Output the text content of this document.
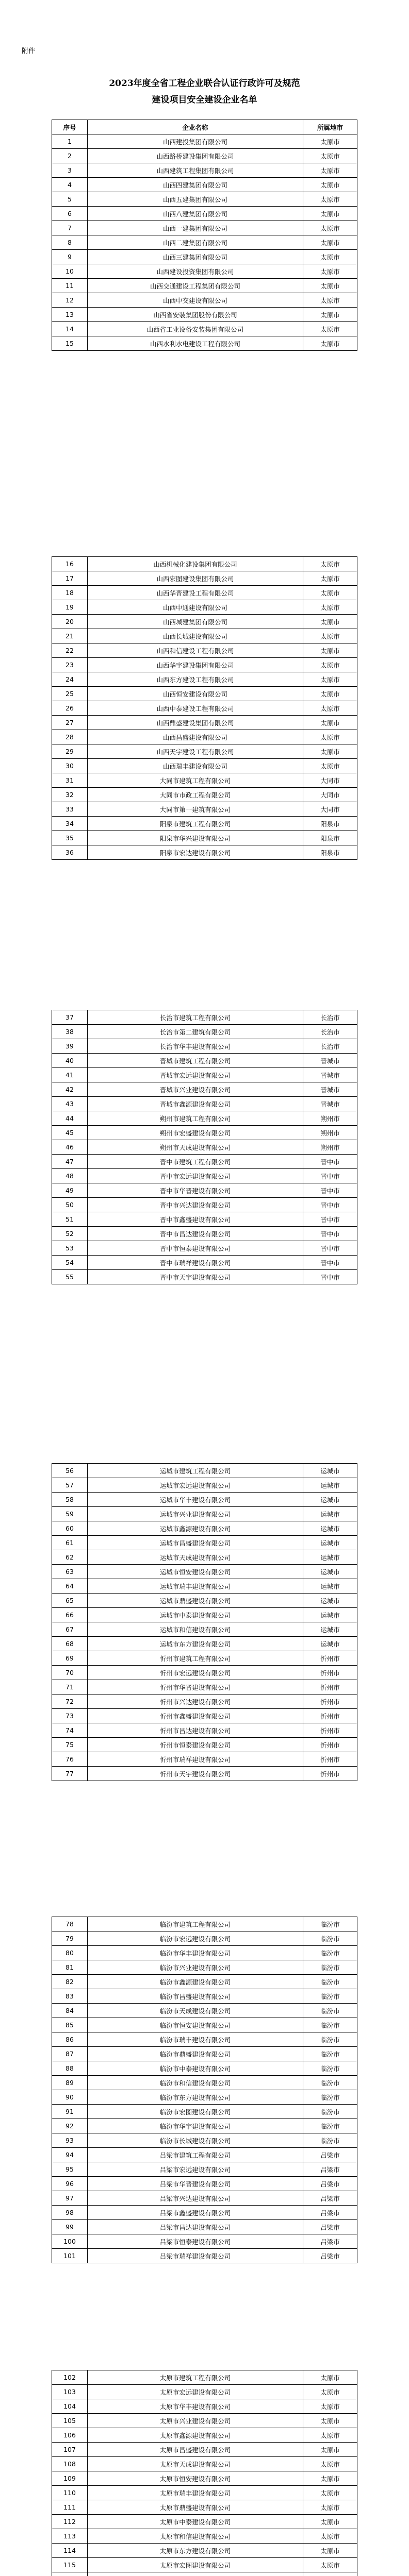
附件
2023年度全省工程企业联合认证行政许可及规范
建设项目安全建设企业名单
序号	企业名称	所属地市
1	山西建投集团有限公司	太原市
2	山西路桥建设集团有限公司	太原市
3	山西建筑工程集团有限公司	太原市
4	山西四建集团有限公司	太原市
5	山西五建集团有限公司	太原市
6	山西八建集团有限公司	太原市
7	山西一建集团有限公司	太原市
8	山西二建集团有限公司	太原市
9	山西三建集团有限公司	太原市
10	山西建设投资集团有限公司	太原市
11	山西交通建设工程集团有限公司	太原市
12	山西中交建设有限公司	太原市
13	山西省安装集团股份有限公司	太原市
14	山西省工业设备安装集团有限公司	太原市
15	山西水利水电建设工程有限公司	太原市
16	山西机械化建设集团有限公司	太原市
17	山西宏图建设集团有限公司	太原市
18	山西华晋建设工程有限公司	太原市
19	山西中通建设有限公司	太原市
20	山西城建集团有限公司	太原市
21	山西长城建设有限公司	太原市
22	山西和信建设工程有限公司	太原市
23	山西华宇建设集团有限公司	太原市
24	山西东方建设工程有限公司	太原市
25	山西恒安建设有限公司	太原市
26	山西中泰建设工程有限公司	太原市
27	山西鼎盛建设集团有限公司	太原市
28	山西昌盛建设有限公司	太原市
29	山西天宇建设工程有限公司	太原市
30	山西瑞丰建设有限公司	太原市
31	大同市建筑工程有限公司	大同市
32	大同市市政工程有限公司	大同市
33	大同市第一建筑有限公司	大同市
34	阳泉市建筑工程有限公司	阳泉市
35	阳泉市华兴建设有限公司	阳泉市
36	阳泉市宏达建设有限公司	阳泉市
37	长治市建筑工程有限公司	长治市
38	长治市第二建筑有限公司	长治市
39	长治市华丰建设有限公司	长治市
40	晋城市建筑工程有限公司	晋城市
41	晋城市宏远建设有限公司	晋城市
42	晋城市兴业建设有限公司	晋城市
43	晋城市鑫源建设有限公司	晋城市
44	朔州市建筑工程有限公司	朔州市
45	朔州市宏盛建设有限公司	朔州市
46	朔州市天成建设有限公司	朔州市
47	晋中市建筑工程有限公司	晋中市
48	晋中市宏远建设有限公司	晋中市
49	晋中市华晋建设有限公司	晋中市
50	晋中市兴达建设有限公司	晋中市
51	晋中市鑫盛建设有限公司	晋中市
52	晋中市昌达建设有限公司	晋中市
53	晋中市恒泰建设有限公司	晋中市
54	晋中市瑞祥建设有限公司	晋中市
55	晋中市天宇建设有限公司	晋中市
56	运城市建筑工程有限公司	运城市
57	运城市宏远建设有限公司	运城市
58	运城市华丰建设有限公司	运城市
59	运城市兴业建设有限公司	运城市
60	运城市鑫源建设有限公司	运城市
61	运城市昌盛建设有限公司	运城市
62	运城市天成建设有限公司	运城市
63	运城市恒安建设有限公司	运城市
64	运城市瑞丰建设有限公司	运城市
65	运城市鼎盛建设有限公司	运城市
66	运城市中泰建设有限公司	运城市
67	运城市和信建设有限公司	运城市
68	运城市东方建设有限公司	运城市
69	忻州市建筑工程有限公司	忻州市
70	忻州市宏远建设有限公司	忻州市
71	忻州市华晋建设有限公司	忻州市
72	忻州市兴达建设有限公司	忻州市
73	忻州市鑫盛建设有限公司	忻州市
74	忻州市昌达建设有限公司	忻州市
75	忻州市恒泰建设有限公司	忻州市
76	忻州市瑞祥建设有限公司	忻州市
77	忻州市天宇建设有限公司	忻州市
78	临汾市建筑工程有限公司	临汾市
79	临汾市宏远建设有限公司	临汾市
80	临汾市华丰建设有限公司	临汾市
81	临汾市兴业建设有限公司	临汾市
82	临汾市鑫源建设有限公司	临汾市
83	临汾市昌盛建设有限公司	临汾市
84	临汾市天成建设有限公司	临汾市
85	临汾市恒安建设有限公司	临汾市
86	临汾市瑞丰建设有限公司	临汾市
87	临汾市鼎盛建设有限公司	临汾市
88	临汾市中泰建设有限公司	临汾市
89	临汾市和信建设有限公司	临汾市
90	临汾市东方建设有限公司	临汾市
91	临汾市宏图建设有限公司	临汾市
92	临汾市华宇建设有限公司	临汾市
93	临汾市长城建设有限公司	临汾市
94	吕梁市建筑工程有限公司	吕梁市
95	吕梁市宏远建设有限公司	吕梁市
96	吕梁市华晋建设有限公司	吕梁市
97	吕梁市兴达建设有限公司	吕梁市
98	吕梁市鑫盛建设有限公司	吕梁市
99	吕梁市昌达建设有限公司	吕梁市
100	吕梁市恒泰建设有限公司	吕梁市
101	吕梁市瑞祥建设有限公司	吕梁市
102	太原市建筑工程有限公司	太原市
103	太原市宏远建设有限公司	太原市
104	太原市华丰建设有限公司	太原市
105	太原市兴业建设有限公司	太原市
106	太原市鑫源建设有限公司	太原市
107	太原市昌盛建设有限公司	太原市
108	太原市天成建设有限公司	太原市
109	太原市恒安建设有限公司	太原市
110	太原市瑞丰建设有限公司	太原市
111	太原市鼎盛建设有限公司	太原市
112	太原市中泰建设有限公司	太原市
113	太原市和信建设有限公司	太原市
114	太原市东方建设有限公司	太原市
115	太原市宏图建设有限公司	太原市
